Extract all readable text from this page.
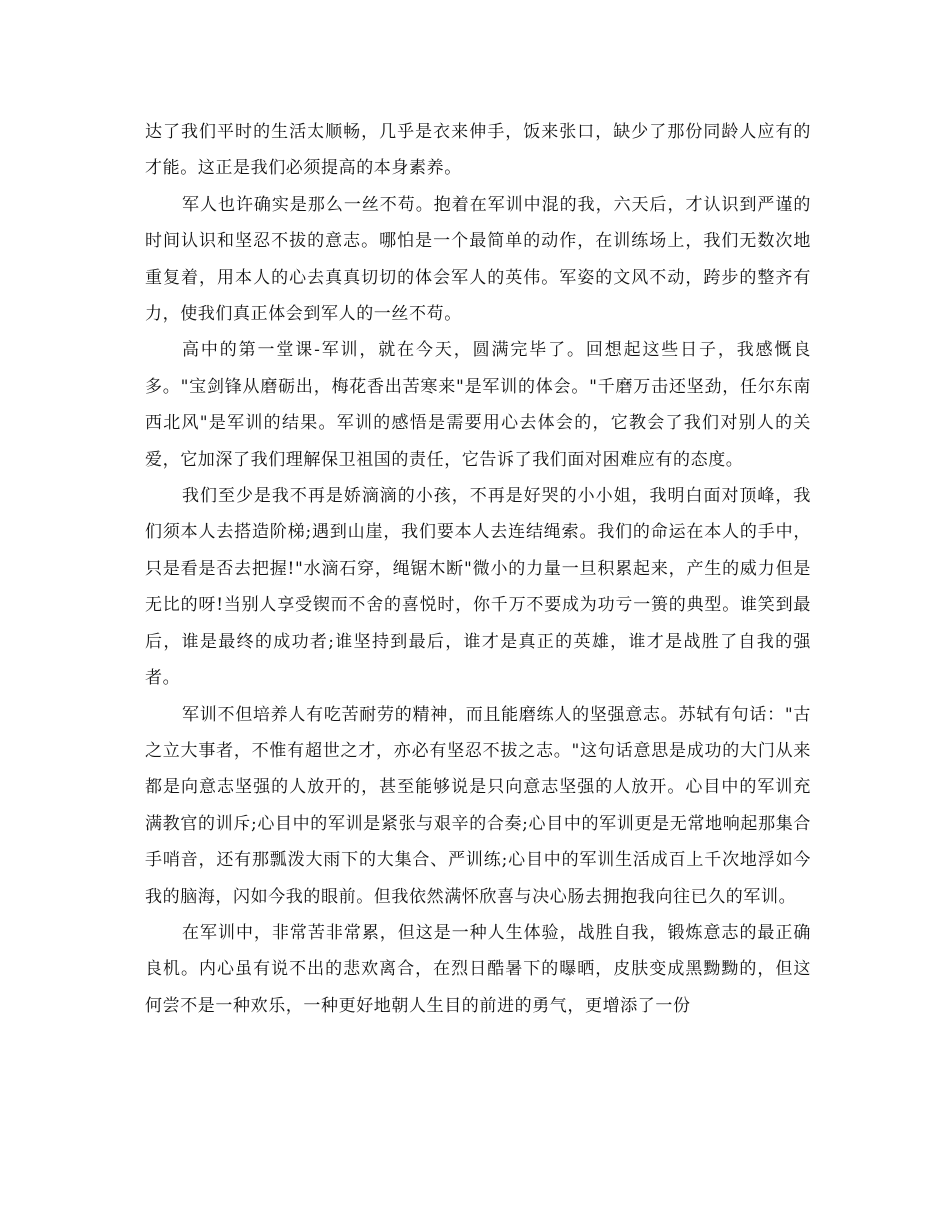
达了我们平时的生活太顺畅，几乎是衣来伸手，饭来张口，缺少了那份同龄人应有的才能。这正是我们必须提高的本身素养。

军人也许确实是那么一丝不苟。抱着在军训中混的我，六天后，才认识到严谨的时间认识和坚忍不拔的意志。哪怕是一个最简单的动作，在训练场上，我们无数次地重复着，用本人的心去真真切切的体会军人的英伟。军姿的文风不动，跨步的整齐有力，使我们真正体会到军人的一丝不苟。

高中的第一堂课-军训，就在今天，圆满完毕了。回想起这些日子，我感慨良多。"宝剑锋从磨砺出，梅花香出苦寒来"是军训的体会。"千磨万击还坚劲，任尔东南西北风"是军训的结果。军训的感悟是需要用心去体会的，它教会了我们对别人的关爱，它加深了我们理解保卫祖国的责任，它告诉了我们面对困难应有的态度。

我们至少是我不再是娇滴滴的小孩，不再是好哭的小小姐，我明白面对顶峰，我们须本人去搭造阶梯;遇到山崖，我们要本人去连结绳索。我们的命运在本人的手中，只是看是否去把握!"水滴石穿，绳锯木断"微小的力量一旦积累起来，产生的威力但是无比的呀!当别人享受锲而不舍的喜悦时，你千万不要成为功亏一篑的典型。谁笑到最后，谁是最终的成功者;谁坚持到最后，谁才是真正的英雄，谁才是战胜了自我的强者。

军训不但培养人有吃苦耐劳的精神，而且能磨练人的坚强意志。苏轼有句话："古之立大事者，不惟有超世之才，亦必有坚忍不拔之志。"这句话意思是成功的大门从来都是向意志坚强的人放开的，甚至能够说是只向意志坚强的人放开。心目中的军训充满教官的训斥;心目中的军训是紧张与艰辛的合奏;心目中的军训更是无常地响起那集合手哨音，还有那瓢泼大雨下的大集合、严训练;心目中的军训生活成百上千次地浮如今我的脑海，闪如今我的眼前。但我依然满怀欣喜与决心肠去拥抱我向往已久的军训。

在军训中，非常苦非常累，但这是一种人生体验，战胜自我，锻炼意志的最正确良机。内心虽有说不出的悲欢离合，在烈日酷暑下的曝晒，皮肤变成黑黝黝的，但这何尝不是一种欢乐，一种更好地朝人生目的前进的勇气，更增添了一份
